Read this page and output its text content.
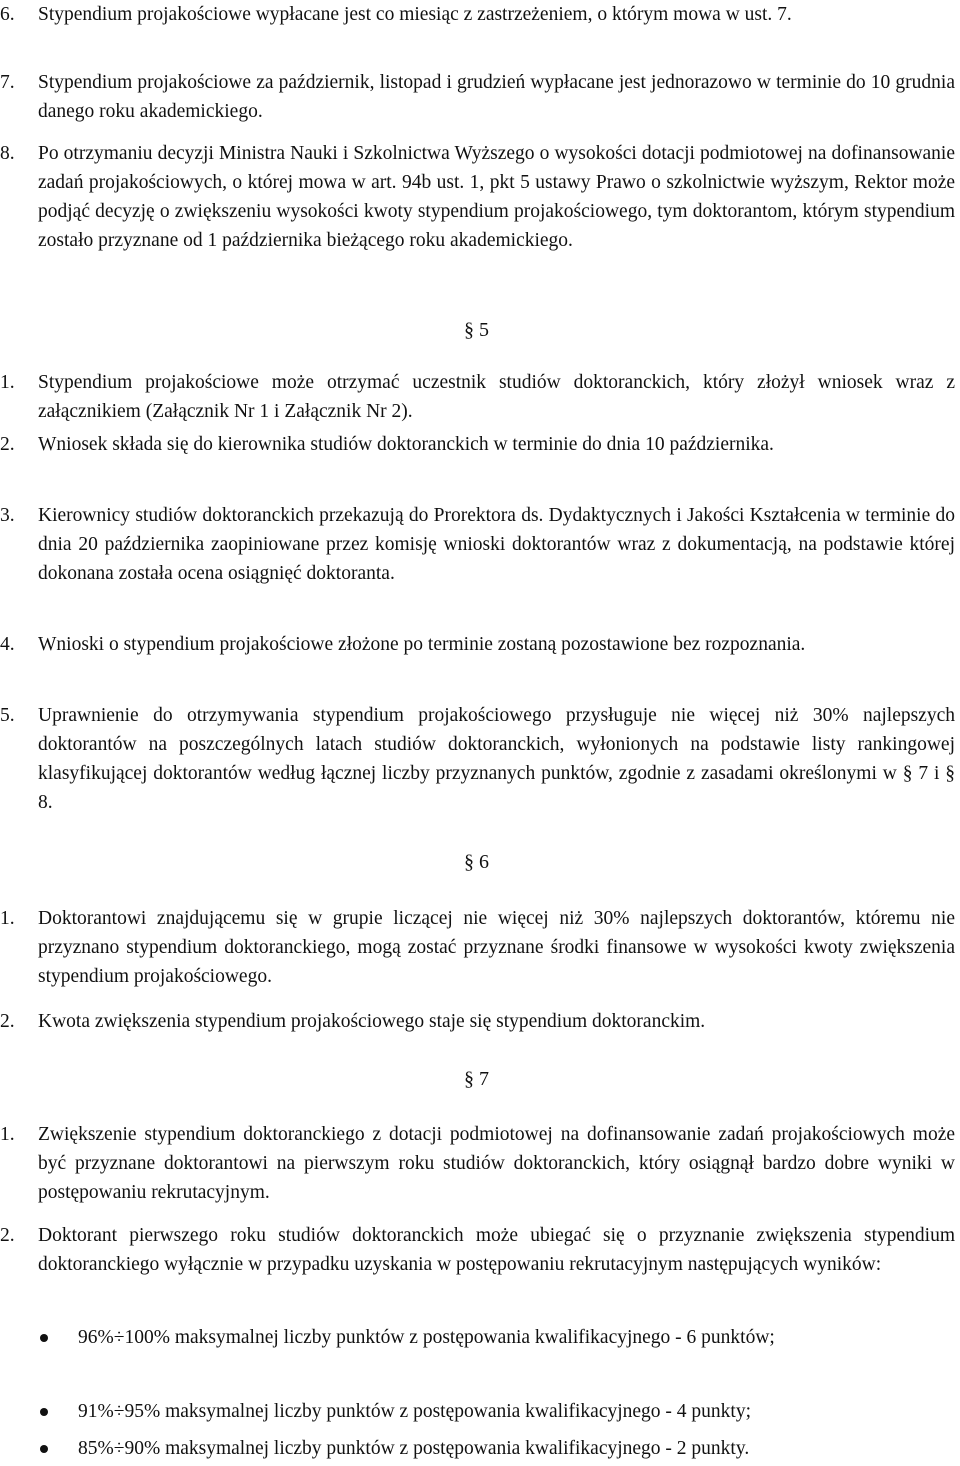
6.	Stypendium projakościowe wypłacane jest co miesiąc z zastrzeżeniem, o którym mowa w ust. 7.
7.	Stypendium projakościowe za październik, listopad i grudzień wypłacane jest jednorazowo w terminie do 10 grudnia danego roku akademickiego.
8.	Po otrzymaniu decyzji Ministra Nauki i Szkolnictwa Wyższego o wysokości dotacji podmiotowej na dofinansowanie zadań projakościowych, o której mowa w art. 94b ust. 1, pkt 5 ustawy Prawo o szkolnictwie wyższym, Rektor może podjąć decyzję o zwiększeniu wysokości kwoty stypendium projakościowego, tym doktorantom, którym stypendium zostało przyznane od 1 października bieżącego roku akademickiego.
§ 5
1.	Stypendium projakościowe może otrzymać uczestnik studiów doktoranckich, który złożył wniosek wraz z załącznikiem (Załącznik Nr 1 i Załącznik Nr 2).
2.	Wniosek składa się do kierownika studiów doktoranckich w terminie do dnia 10 października.
3.	Kierownicy studiów doktoranckich przekazują do Prorektora ds. Dydaktycznych i Jakości Kształcenia w terminie do dnia 20 października zaopiniowane przez komisję wnioski doktorantów wraz z dokumentacją, na podstawie której dokonana została ocena osiągnięć doktoranta.
4.	Wnioski o stypendium projakościowe złożone po terminie zostaną pozostawione bez rozpoznania.
5.	Uprawnienie do otrzymywania stypendium projakościowego przysługuje nie więcej niż 30% najlepszych doktorantów na poszczególnych latach studiów doktoranckich, wyłonionych na podstawie listy rankingowej klasyfikującej doktorantów według łącznej liczby przyznanych punktów, zgodnie z zasadami określonymi w § 7 i § 8.
§ 6
1.	Doktorantowi znajdującemu się w grupie liczącej nie więcej niż 30% najlepszych doktorantów, któremu nie przyznano stypendium doktoranckiego, mogą zostać przyznane środki finansowe w wysokości kwoty zwiększenia stypendium projakościowego.
2.	Kwota zwiększenia stypendium projakościowego staje się stypendium doktoranckim.
§ 7
1.	Zwiększenie stypendium doktoranckiego z dotacji podmiotowej na dofinansowanie zadań projakościowych może być przyznane doktorantowi na pierwszym roku studiów doktoranckich, który osiągnął bardzo dobre wyniki w postępowaniu rekrutacyjnym.
2.	Doktorant pierwszego roku studiów doktoranckich może ubiegać się o przyznanie zwiększenia stypendium doktoranckiego wyłącznie w przypadku uzyskania w postępowaniu rekrutacyjnym następujących wyników:
96%÷100% maksymalnej liczby punktów z postępowania kwalifikacyjnego - 6 punktów;
91%÷95% maksymalnej liczby punktów z postępowania kwalifikacyjnego - 4 punkty;
85%÷90% maksymalnej liczby punktów z postępowania kwalifikacyjnego - 2 punkty.
